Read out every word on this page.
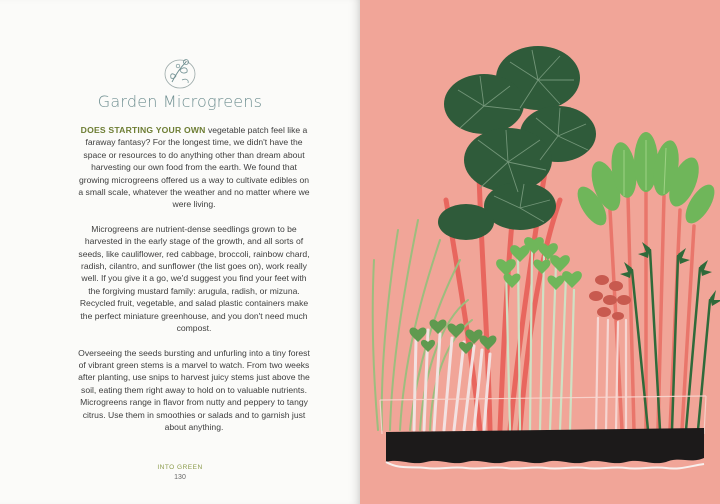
Garden Microgreens

DOES STARTING YOUR OWN vegetable patch feel like a faraway fantasy? For the longest time, we didn't have the space or resources to do anything other than dream about harvesting our own food from the earth. We found that growing microgreens offered us a way to cultivate edibles on a small scale, whatever the weather and no matter where we were living.

Microgreens are nutrient-dense seedlings grown to be harvested in the early stage of the growth, and all sorts of seeds, like cauliflower, red cabbage, broccoli, rainbow chard, radish, cilantro, and sunflower (the list goes on), work really well. If you give it a go, we'd suggest you find your feet with the forgiving mustard family: arugula, radish, or mizuna. Recycled fruit, vegetable, and salad plastic containers make the perfect miniature greenhouse, and you don't need much compost.

Overseeing the seeds bursting and unfurling into a tiny forest of vibrant green stems is a marvel to watch. From two weeks after planting, use snips to harvest juicy stems just above the soil, eating them right away to hold on to valuable nutrients. Microgreens range in flavor from nutty and peppery to tangy citrus. Use them in smoothies or salads and to garnish just about anything.

INTO GREEN
130
